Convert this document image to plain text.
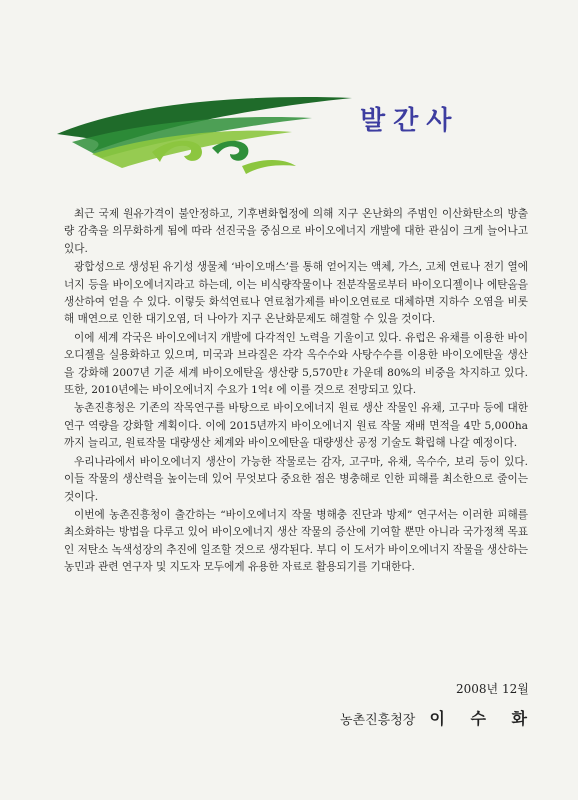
발간사

최근 국제 원유가격이 불안정하고, 기후변화협정에 의해 지구 온난화의 주범인 이산화탄소의 방출량 감축을 의무화하게 됨에 따라 선진국을 중심으로 바이오에너지 개발에 대한 관심이 크게 늘어나고 있다.

광합성으로 생성된 유기성 생물체 ‘바이오매스’를 통해 얻어지는 액체, 가스, 고체 연료나 전기 열에너지 등을 바이오에너지라고 하는데, 이는 비식량작물이나 전분작물로부터 바이오디젤이나 에탄올을 생산하여 얻을 수 있다. 이렇듯 화석연료나 연료첨가제를 바이오연료로 대체하면 지하수 오염을 비롯해 매연으로 인한 대기오염, 더 나아가 지구 온난화문제도 해결할 수 있을 것이다.

이에 세계 각국은 바이오에너지 개발에 다각적인 노력을 기울이고 있다. 유럽은 유채를 이용한 바이오디젤을 실용화하고 있으며, 미국과 브라질은 각각 옥수수와 사탕수수를 이용한 바이오에탄올 생산을 강화해 2007년 기준 세계 바이오에탄올 생산량 5,570만ℓ 가운데 80%의 비중을 차지하고 있다. 또한, 2010년에는 바이오에너지 수요가 1억ℓ 에 이를 것으로 전망되고 있다.

농촌진흥청은 기존의 작목연구를 바탕으로 바이오에너지 원료 생산 작물인 유채, 고구마 등에 대한 연구 역량을 강화할 계획이다. 이에 2015년까지 바이오에너지 원료 작물 재배 면적을 4만 5,000ha까지 늘리고, 원료작물 대량생산 체계와 바이오에탄올 대량생산 공정 기술도 확립해 나갈 예정이다.

우리나라에서 바이오에너지 생산이 가능한 작물로는 감자, 고구마, 유채, 옥수수, 보리 등이 있다. 이들 작물의 생산력을 높이는데 있어 무엇보다 중요한 점은 병충해로 인한 피해를 최소한으로 줄이는 것이다.

이번에 농촌진흥청이 출간하는 “바이오에너지 작물 병해충 진단과 방제” 연구서는 이러한 피해를 최소화하는 방법을 다루고 있어 바이오에너지 생산 작물의 증산에 기여할 뿐만 아니라 국가정책 목표인 저탄소 녹색성장의 추진에 일조할 것으로 생각된다. 부디 이 도서가 바이오에너지 작물을 생산하는 농민과 관련 연구자 및 지도자 모두에게 유용한 자료로 활용되기를 기대한다.

2008년 12월
농촌진흥청장 이 수 화
